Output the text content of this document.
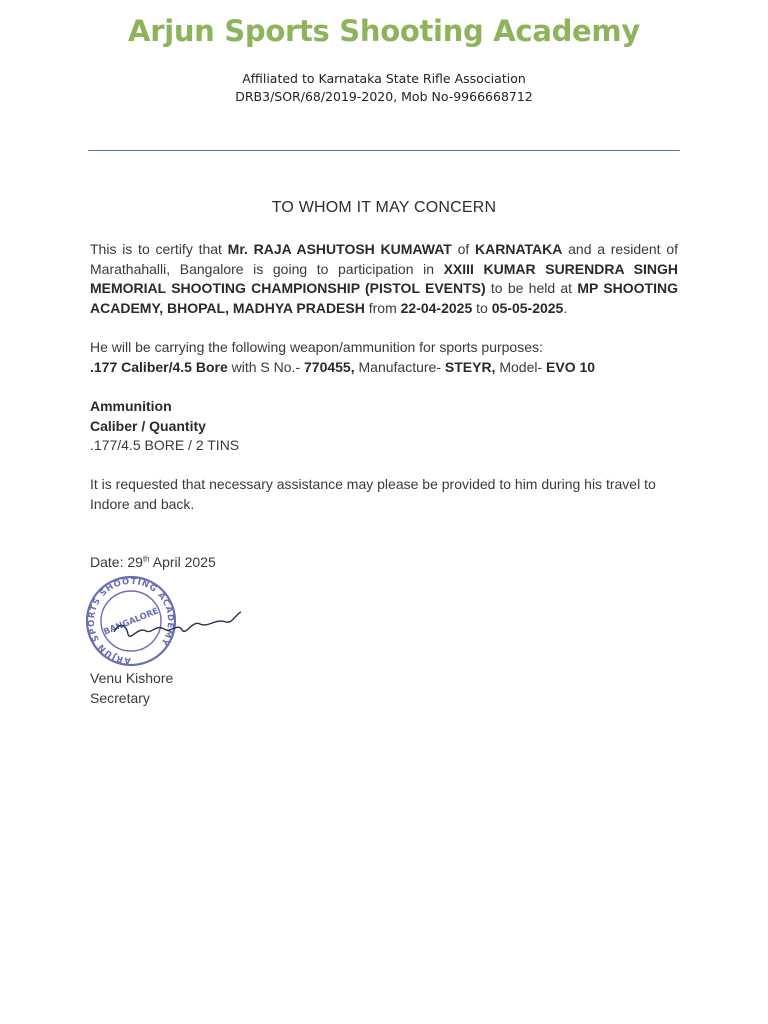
Arjun Sports Shooting Academy
Affiliated to Karnataka State Rifle Association
DRB3/SOR/68/2019-2020, Mob No-9966668712
TO WHOM IT MAY CONCERN
This is to certify that Mr. RAJA ASHUTOSH KUMAWAT of KARNATAKA and a resident of Marathahalli, Bangalore is going to participation in XXIII KUMAR SURENDRA SINGH MEMORIAL SHOOTING CHAMPIONSHIP (PISTOL EVENTS) to be held at MP SHOOTING ACADEMY, BHOPAL, MADHYA PRADESH from 22-04-2025 to 05-05-2025.
He will be carrying the following weapon/ammunition for sports purposes:
.177 Caliber/4.5 Bore with S No.- 770455, Manufacture- STEYR, Model- EVO 10
Ammunition
Caliber / Quantity
.177/4.5 BORE / 2 TINS
It is requested that necessary assistance may please be provided to him during his travel to Indore and back.
Date: 29th April 2025
ARJUN SPORTS SHOOTING ACADEMY
BANGALORE
Venu Kishore
Secretary
